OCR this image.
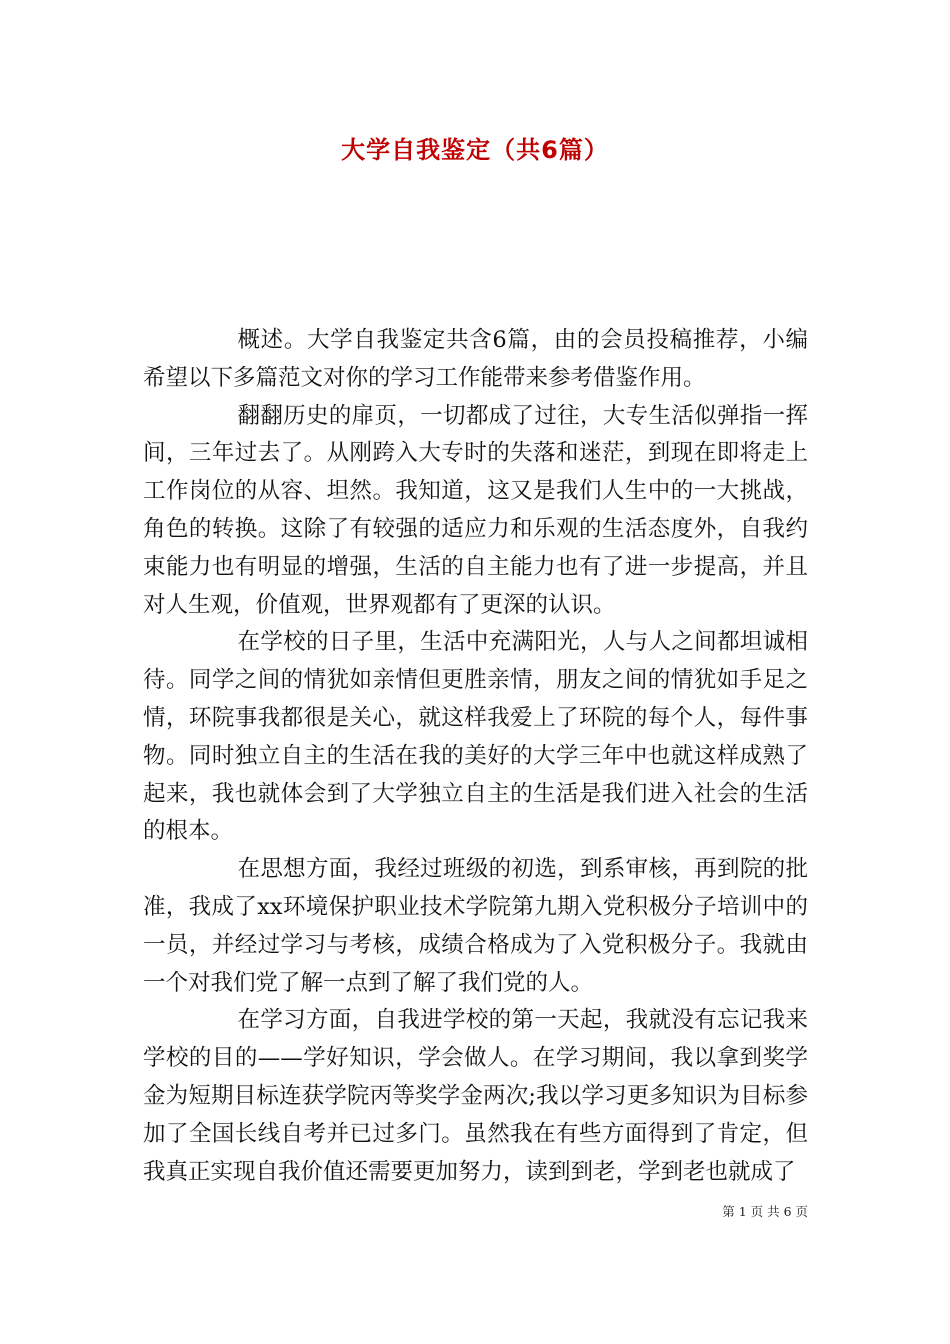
大学自我鉴定（共6篇）

概述。大学自我鉴定共含6篇，由的会员投稿推荐，小编希望以下多篇范文对你的学习工作能带来参考借鉴作用。

翻翻历史的扉页，一切都成了过往，大专生活似弹指一挥间，三年过去了。从刚跨入大专时的失落和迷茫，到现在即将走上工作岗位的从容、坦然。我知道，这又是我们人生中的一大挑战，角色的转换。这除了有较强的适应力和乐观的生活态度外，自我约束能力也有明显的增强，生活的自主能力也有了进一步提高，并且对人生观，价值观，世界观都有了更深的认识。

在学校的日子里，生活中充满阳光，人与人之间都坦诚相待。同学之间的情犹如亲情但更胜亲情，朋友之间的情犹如手足之情，环院事我都很是关心，就这样我爱上了环院的每个人，每件事物。同时独立自主的生活在我的美好的大学三年中也就这样成熟了起来，我也就体会到了大学独立自主的生活是我们进入社会的生活的根本。

在思想方面，我经过班级的初选，到系审核，再到院的批准，我成了xx环境保护职业技术学院第九期入党积极分子培训中的一员，并经过学习与考核，成绩合格成为了入党积极分子。我就由一个对我们党了解一点到了解了我们党的人。

在学习方面，自我进学校的第一天起，我就没有忘记我来学校的目的——学好知识，学会做人。在学习期间，我以拿到奖学金为短期目标连获学院丙等奖学金两次;我以学习更多知识为目标参加了全国长线自考并已过多门。虽然我在有些方面得到了肯定，但我真正实现自我价值还需要更加努力，读到到老，学到老也就成了

第 1 页 共 6 页
